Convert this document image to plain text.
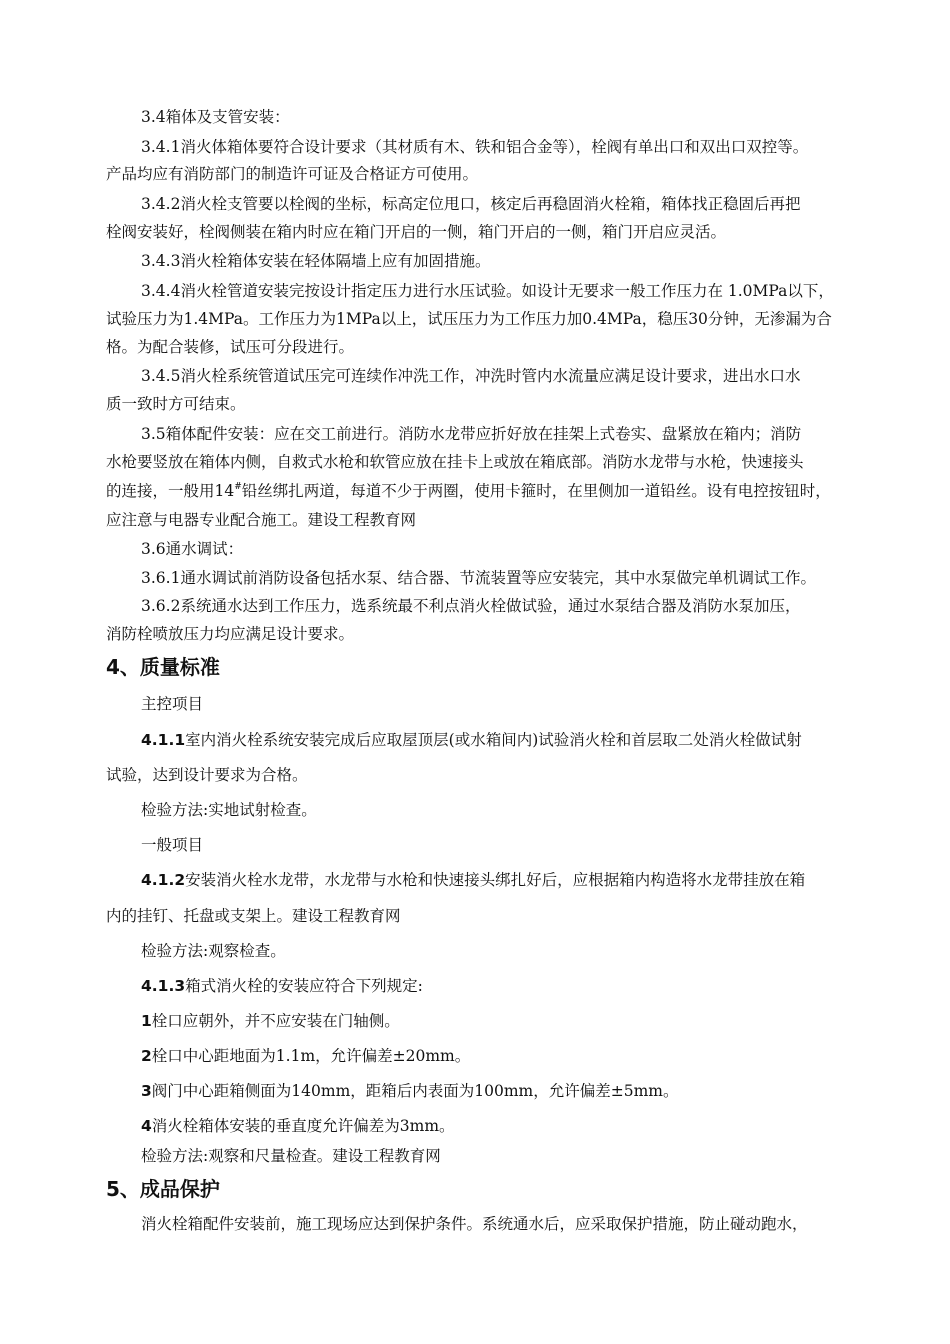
3.4箱体及支管安装：
3.4.1消火体箱体要符合设计要求（其材质有木、铁和铝合金等），栓阀有单出口和双出口双控等。
产品均应有消防部门的制造许可证及合格证方可使用。
3.4.2消火栓支管要以栓阀的坐标，标高定位甩口，核定后再稳固消火栓箱，箱体找正稳固后再把
栓阀安装好，栓阀侧装在箱内时应在箱门开启的一侧，箱门开启的一侧，箱门开启应灵活。
3.4.3消火栓箱体安装在轻体隔墙上应有加固措施。
3.4.4消火栓管道安装完按设计指定压力进行水压试验。如设计无要求一般工作压力在 1.0MPa以下，
试验压力为1.4MPa。工作压力为1MPa以上，试压压力为工作压力加0.4MPa，稳压30分钟，无渗漏为合
格。为配合装修，试压可分段进行。
3.4.5消火栓系统管道试压完可连续作冲洗工作，冲洗时管内水流量应满足设计要求，进出水口水
质一致时方可结束。
3.5箱体配件安装：应在交工前进行。消防水龙带应折好放在挂架上式卷实、盘紧放在箱内；消防
水枪要竖放在箱体内侧，自救式水枪和软管应放在挂卡上或放在箱底部。消防水龙带与水枪，快速接头
的连接，一般用14#铅丝绑扎两道，每道不少于两圈，使用卡箍时，在里侧加一道铅丝。设有电控按钮时，
应注意与电器专业配合施工。建设工程教育网
3.6通水调试：
3.6.1通水调试前消防设备包括水泵、结合器、节流装置等应安装完，其中水泵做完单机调试工作。
3.6.2系统通水达到工作压力，选系统最不利点消火栓做试验，通过水泵结合器及消防水泵加压，
消防栓喷放压力均应满足设计要求。
4、质量标准
主控项目
4.1.1室内消火栓系统安装完成后应取屋顶层(或水箱间内)试验消火栓和首层取二处消火栓做试射
试验，达到设计要求为合格。
检验方法:实地试射检查。
一般项目
4.1.2安装消火栓水龙带，水龙带与水枪和快速接头绑扎好后，应根据箱内构造将水龙带挂放在箱
内的挂钉、托盘或支架上。建设工程教育网
检验方法:观察检查。
4.1.3箱式消火栓的安装应符合下列规定:
1栓口应朝外，并不应安装在门轴侧。
2栓口中心距地面为1.1m，允许偏差±20mm。
3阀门中心距箱侧面为140mm，距箱后内表面为100mm，允许偏差±5mm。
4消火栓箱体安装的垂直度允许偏差为3mm。
检验方法:观察和尺量检查。建设工程教育网
5、成品保护
消火栓箱配件安装前，施工现场应达到保护条件。系统通水后，应采取保护措施，防止碰动跑水，
